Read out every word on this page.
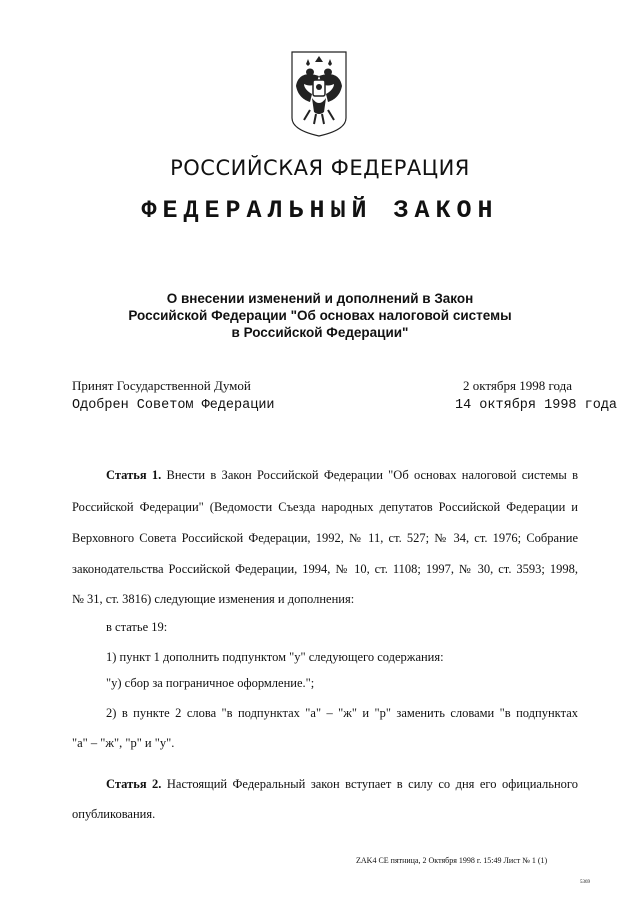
РОССИЙСКАЯ ФЕДЕРАЦИЯ
ФЕДЕРАЛЬНЫЙ ЗАКОН
О внесении изменений и дополнений в Закон
Российской Федерации "Об основах налоговой системы
в Российской Федерации"
Принят Государственной Думой	2 октября 1998 года
Одобрен Советом Федерации	14 октября 1998 года
Статья 1. Внести в Закон Российской Федерации "Об основах налоговой системы в
Российской Федерации" (Ведомости Съезда народных депутатов Российской Федерации и
Верховного Совета Российской Федерации, 1992, № 11, ст. 527; № 34, ст. 1976; Собрание
законодательства Российской Федерации, 1994, № 10, ст. 1108; 1997, № 30, ст. 3593; 1998,
№ 31, ст. 3816) следующие изменения и дополнения:
в статье 19:
1) пункт 1 дополнить подпунктом "у" следующего содержания:
"у) сбор за пограничное оформление.";
2) в пункте 2 слова "в подпунктах "а" – "ж" и "р" заменить словами "в подпунктах
"а" – "ж", "р" и "у".
Статья 2. Настоящий Федеральный закон вступает в силу со дня его официального
опубликования.
ZAK4 CE пятница, 2 Октября 1998 г. 15:49 Лист № 1 (1)
5369
